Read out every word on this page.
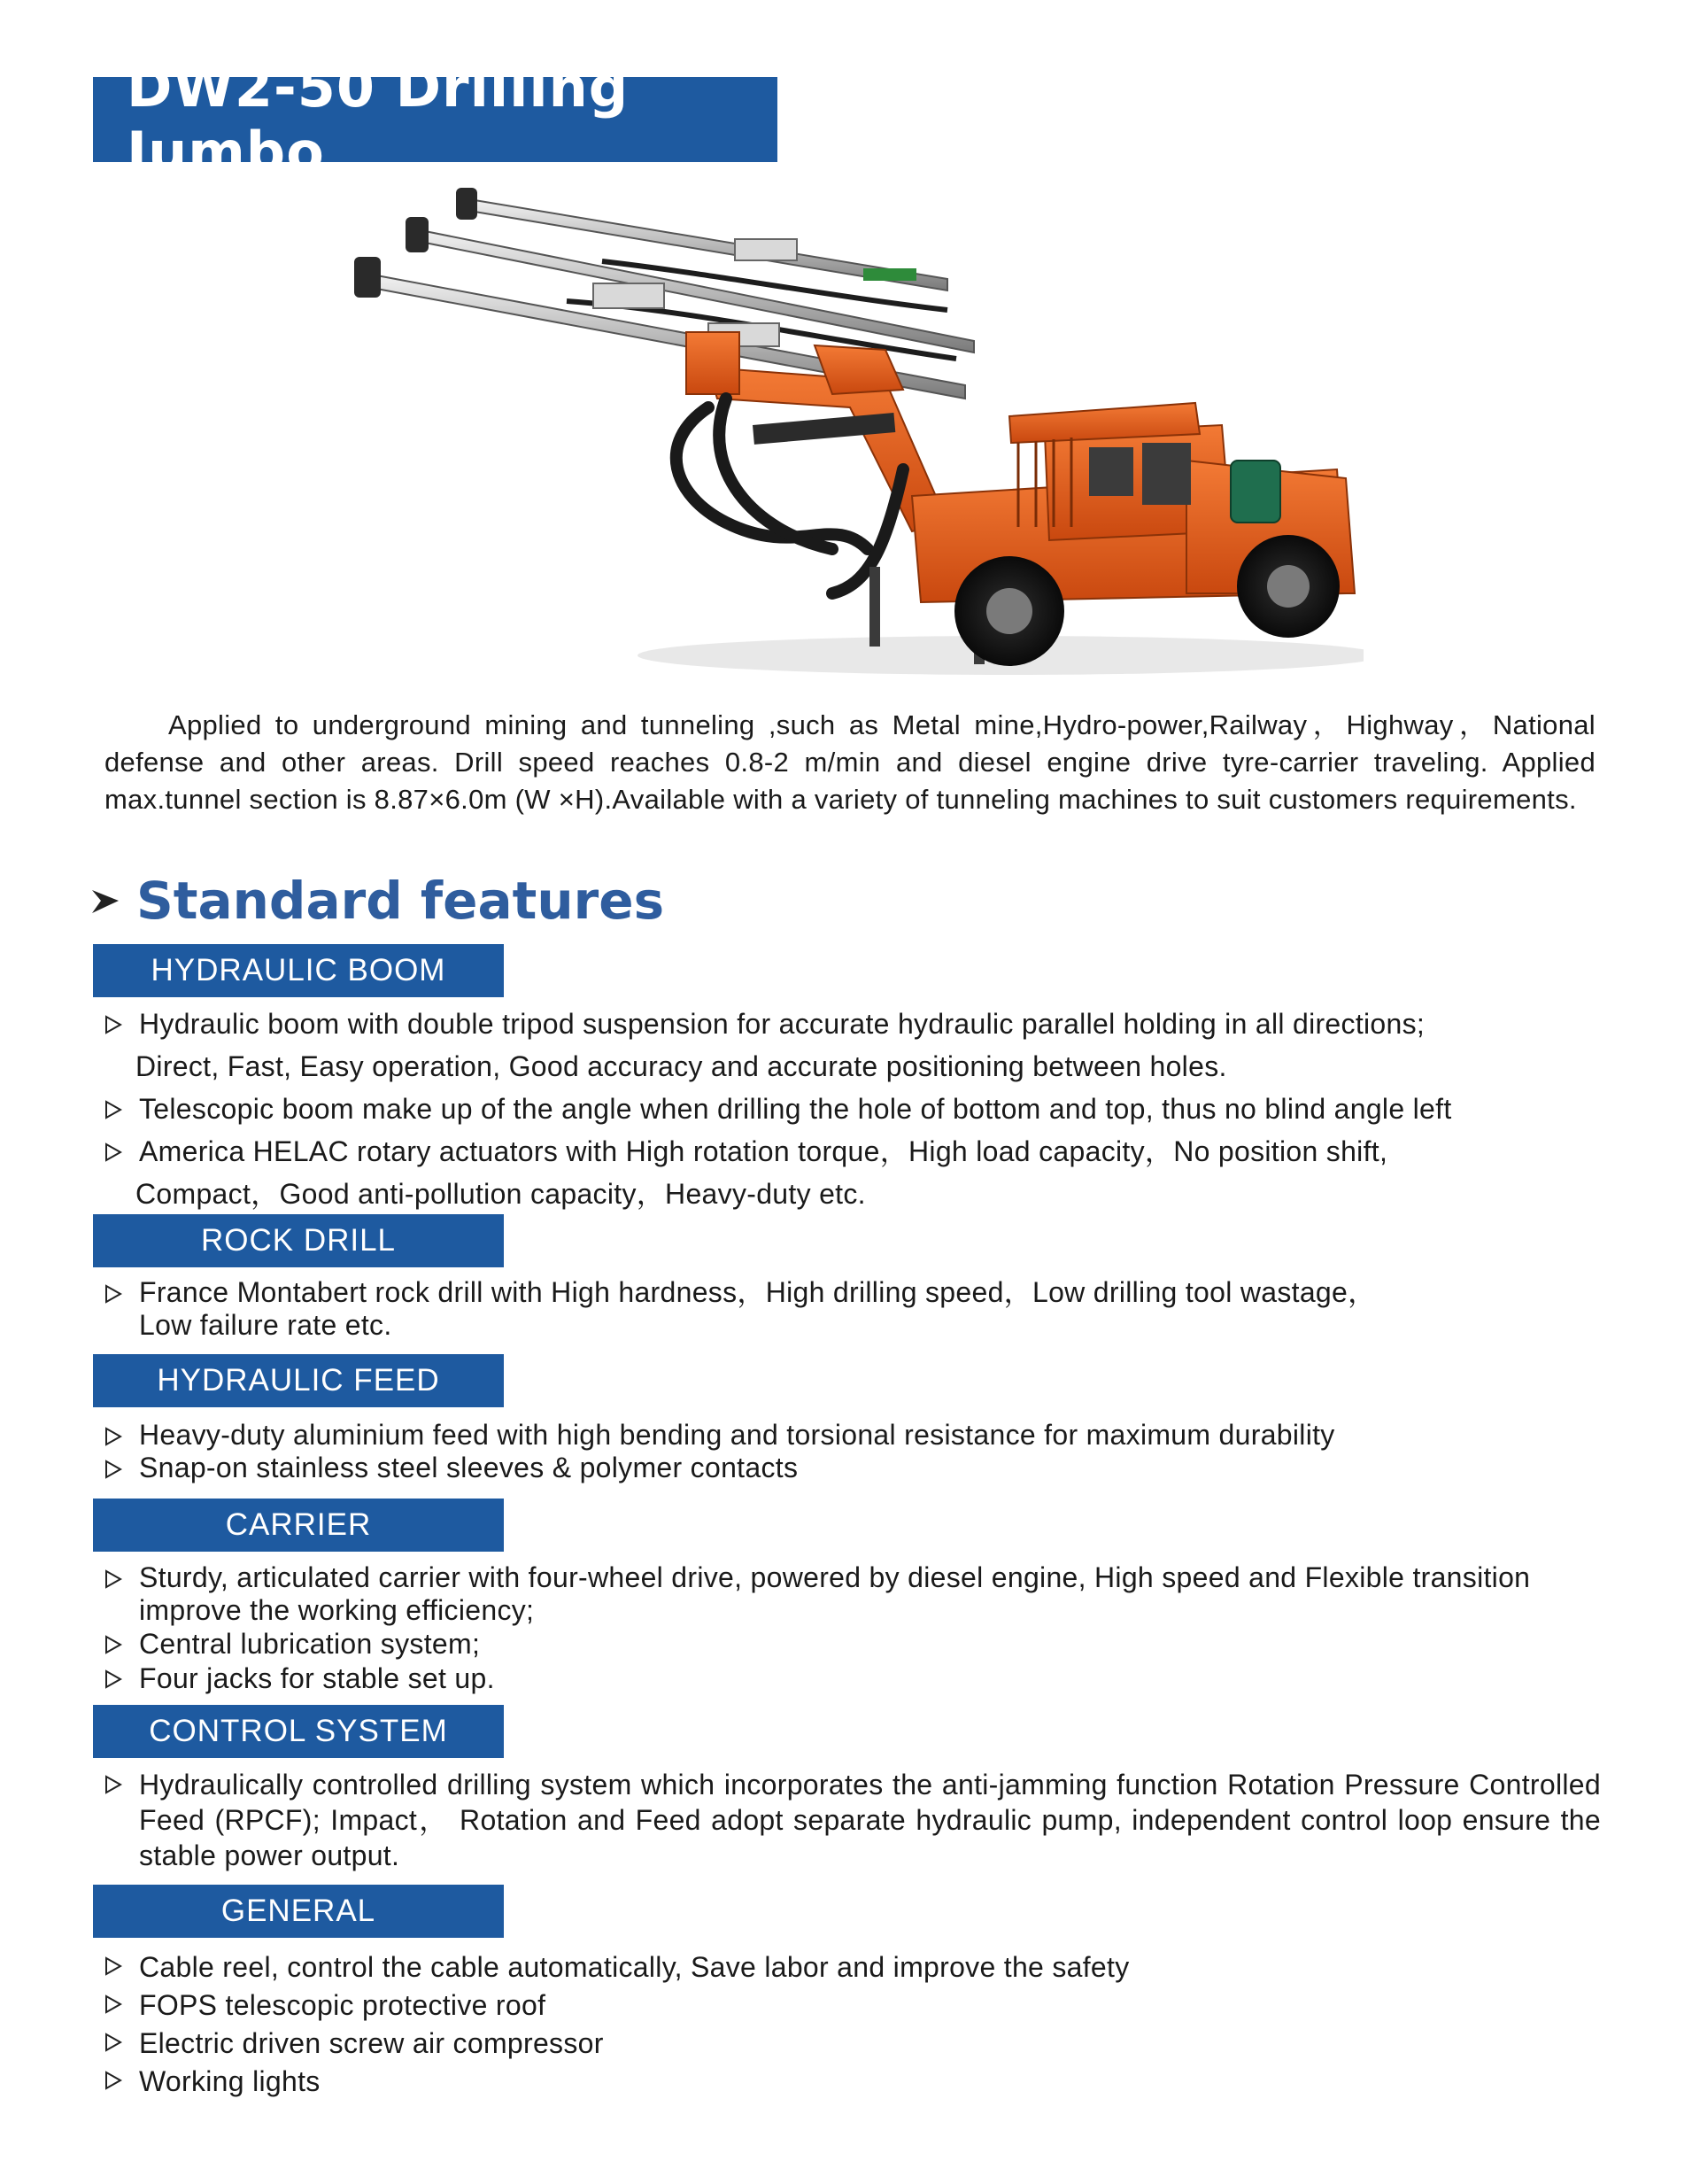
DW2-50 Drilling Jumbo

Applied to underground mining and tunneling ,such as Metal mine,Hydro-power,Railway，Highway，National defense and other areas. Drill speed reaches 0.8-2 m/min and diesel engine drive tyre-carrier traveling. Applied max.tunnel section is 8.87×6.0m (W ×H).Available with a variety of tunneling machines to suit customers requirements.

Standard features
HYDRAULIC BOOM
Hydraulic boom with double tripod suspension for accurate hydraulic parallel holding in all directions;
Direct, Fast, Easy operation, Good accuracy and accurate positioning between holes.
Telescopic boom make up of the angle when drilling the hole of bottom and top, thus no blind angle left
America HELAC rotary actuators with High rotation torque，High load capacity，No position shift,
Compact，Good anti-pollution capacity，Heavy-duty etc.
ROCK DRILL
France Montabert rock drill with High hardness，High drilling speed，Low drilling tool wastage，
Low failure rate etc.
HYDRAULIC FEED
Heavy-duty aluminium feed with high bending and torsional resistance for maximum durability
Snap-on stainless steel sleeves & polymer contacts
CARRIER
Sturdy, articulated carrier with four-wheel drive, powered by diesel engine, High speed and Flexible transition
improve the working efficiency;
Central lubrication system;
Four jacks for stable set up.
CONTROL SYSTEM
Hydraulically controlled drilling system which incorporates the anti-jamming function Rotation Pressure Controlled Feed (RPCF); Impact， Rotation and Feed adopt separate hydraulic pump, independent control loop ensure the stable power output.
GENERAL
Cable reel, control the cable automatically, Save labor and improve the safety
FOPS telescopic protective roof
Electric driven screw air compressor
Working lights
